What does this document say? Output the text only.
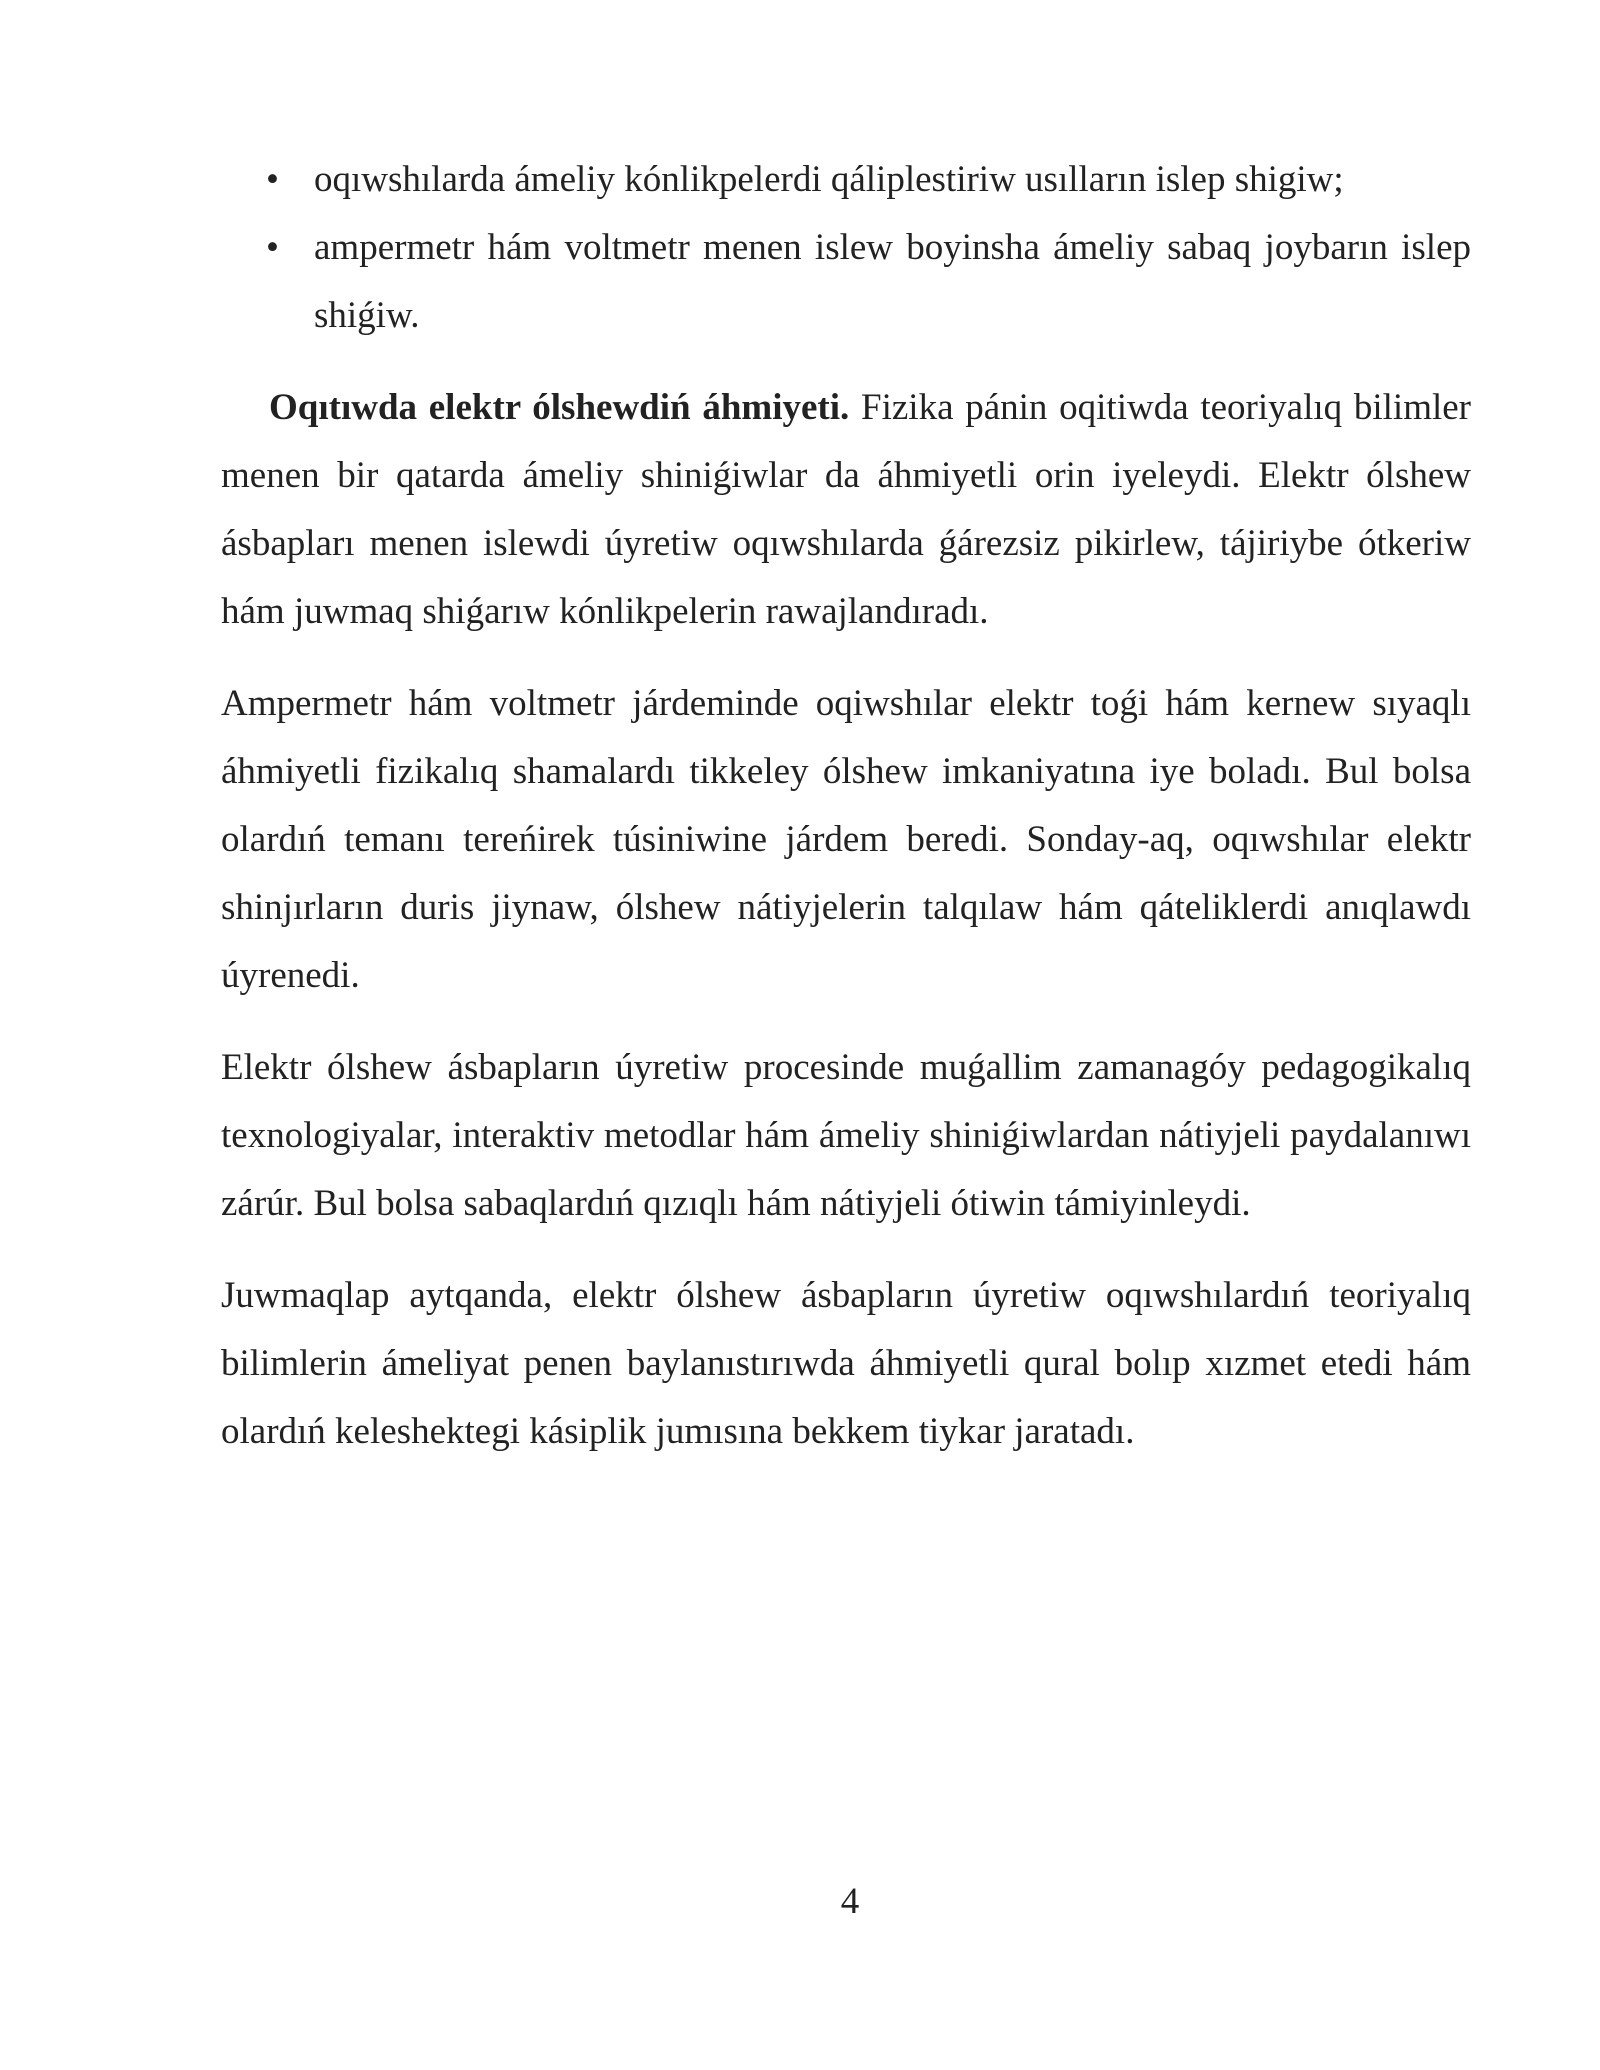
• oqıwshılarda ámeliy kónlikpelerdi qáliplestiriw usılların islep shigiw;
• ampermetr hám voltmetr menen islew boyinsha ámeliy sabaq joybarın islep shiǵiw.

Oqıtıwda elektr ólshewdiń áhmiyeti. Fizika pánin oqitiwda teoriyalıq bilimler menen bir qatarda ámeliy shiniǵiwlar da áhmiyetli orin iyeleydi. Elektr ólshew ásbapları menen islewdi úyretiw oqıwshılarda ǵárezsiz pikirlew, tájiriybe ótkeriw hám juwmaq shiǵarıw kónlikpelerin rawajlandıradı.

Ampermetr hám voltmetr járdeminde oqiwshılar elektr toǵi hám kernew sıyaqlı áhmiyetli fizikalıq shamalardı tikkeley ólshew imkaniyatına iye boladı. Bul bolsa olardıń temanı tereńirek túsiniwine járdem beredi. Sonday-aq, oqıwshılar elektr shinjırların duris jiynaw, ólshew nátiyjelerin talqılaw hám qáteliklerdi anıqlawdı úyrenedi.

Elektr ólshew ásbapların úyretiw procesinde muǵallim zamanagóy pedagogikalıq texnologiyalar, interaktiv metodlar hám ámeliy shiniǵiwlardan nátiyjeli paydalanıwı zárúr. Bul bolsa sabaqlardıń qızıqlı hám nátiyjeli ótiwin támiyinleydi.

Juwmaqlap aytqanda, elektr ólshew ásbapların úyretiw oqıwshılardıń teoriyalıq bilimlerin ámeliyat penen baylanıstırıwda áhmiyetli qural bolıp xızmet etedi hám olardıń keleshektegi kásiplik jumısına bekkem tiykar jaratadı.

4
